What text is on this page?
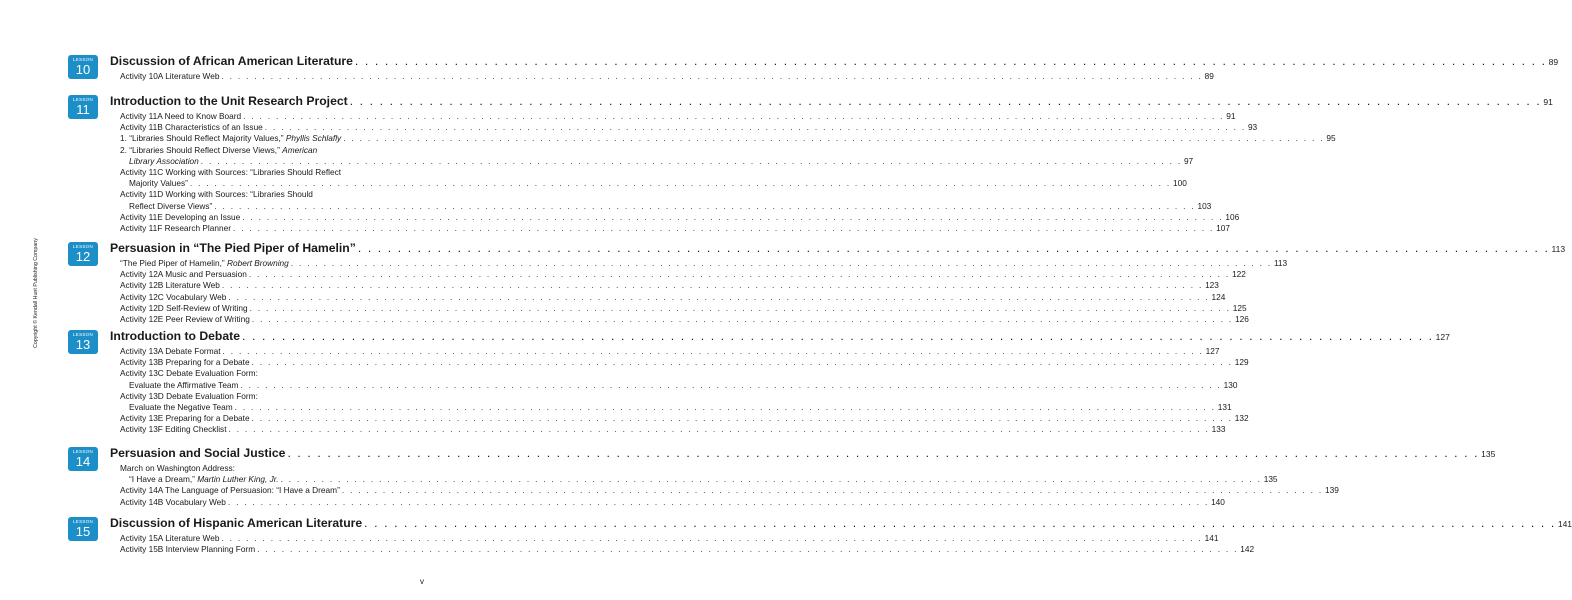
LESSON
10
Discussion of African American Literature . . . . . . . . . . . . . . . . . . . . . . . . . . . . . . . . . . . . . . . . . . . . . . . . . . . . . . . . . . . . . . . . . . . . . . . . . . . . . . . . . . . . . . . . . . . . . . . . . . . . . . . . . . . . . . . . . . . . . . . . 89
Activity 10A Literature Web . . . . . . . . . . . . . . . . . . . . . . . . . . . . . . . . . . . . . . . . . . . . . . . . . . . . . . . . . . . . . . . . . . . . . . . . . . . . . . . . . . . . . . . . . . . . . . . . . . . . . . . . . . . . . . . . . . . . . . . . 89
LESSON
11
Introduction to the Unit Research Project . . . . . . . . . . . . . . . . . . . . . . . . . . . . . . . . . . . . . . . . . . . . . . . . . . . . . . . . . . . . . . . . . . . . . . . . . . . . . . . . . . . . . . . . . . . . . . . . . . . . . . . . . . . . . . . . . . . . . . . . 91
Activity 11A Need to Know Board . . . . . . . . . . . . . . . . . . . . . . . . . . . . . . . . . . . . . . . . . . . . . . . . . . . . . . . . . . . . . . . . . . . . . . . . . . . . . . . . . . . . . . . . . . . . . . . . . . . . . . . . . . . . . . . . . . . . . . . . 91
Activity 11B Characteristics of an Issue . . . . . . . . . . . . . . . . . . . . . . . . . . . . . . . . . . . . . . . . . . . . . . . . . . . . . . . . . . . . . . . . . . . . . . . . . . . . . . . . . . . . . . . . . . . . . . . . . . . . . . . . . . . . . . . . . . . . . . . . 93
1. “Libraries Should Reflect Majority Values,” Phyllis Schlafly . . . . . . . . . . . . . . . . . . . . . . . . . . . . . . . . . . . . . . . . . . . . . . . . . . . . . . . . . . . . . . . . . . . . . . . . . . . . . . . . . . . . . . . . . . . . . . . . . . . . . . . . . . . . . . . . . . . . . . . . 95
2. “Libraries Should Reflect Diverse Views,” American
Library Association . . . . . . . . . . . . . . . . . . . . . . . . . . . . . . . . . . . . . . . . . . . . . . . . . . . . . . . . . . . . . . . . . . . . . . . . . . . . . . . . . . . . . . . . . . . . . . . . . . . . . . . . . . . . . . . . . . . . . . . . 97
Activity 11C Working with Sources: “Libraries Should Reflect
Majority Values” . . . . . . . . . . . . . . . . . . . . . . . . . . . . . . . . . . . . . . . . . . . . . . . . . . . . . . . . . . . . . . . . . . . . . . . . . . . . . . . . . . . . . . . . . . . . . . . . . . . . . . . . . . . . . . . . . . . . . . . . 100
Activity 11D Working with Sources: “Libraries Should
Reflect Diverse Views” . . . . . . . . . . . . . . . . . . . . . . . . . . . . . . . . . . . . . . . . . . . . . . . . . . . . . . . . . . . . . . . . . . . . . . . . . . . . . . . . . . . . . . . . . . . . . . . . . . . . . . . . . . . . . . . . . . . . . . . . 103
Activity 11E Developing an Issue . . . . . . . . . . . . . . . . . . . . . . . . . . . . . . . . . . . . . . . . . . . . . . . . . . . . . . . . . . . . . . . . . . . . . . . . . . . . . . . . . . . . . . . . . . . . . . . . . . . . . . . . . . . . . . . . . . . . . . . . 106
Activity 11F Research Planner . . . . . . . . . . . . . . . . . . . . . . . . . . . . . . . . . . . . . . . . . . . . . . . . . . . . . . . . . . . . . . . . . . . . . . . . . . . . . . . . . . . . . . . . . . . . . . . . . . . . . . . . . . . . . . . . . . . . . . . . 107
LESSON
12
Persuasion in “The Pied Piper of Hamelin” . . . . . . . . . . . . . . . . . . . . . . . . . . . . . . . . . . . . . . . . . . . . . . . . . . . . . . . . . . . . . . . . . . . . . . . . . . . . . . . . . . . . . . . . . . . . . . . . . . . . . . . . . . . . . . . . . . . . . . . . 113
“The Pied Piper of Hamelin,” Robert Browning . . . . . . . . . . . . . . . . . . . . . . . . . . . . . . . . . . . . . . . . . . . . . . . . . . . . . . . . . . . . . . . . . . . . . . . . . . . . . . . . . . . . . . . . . . . . . . . . . . . . . . . . . . . . . . . . . . . . . . . . 113
Activity 12A Music and Persuasion . . . . . . . . . . . . . . . . . . . . . . . . . . . . . . . . . . . . . . . . . . . . . . . . . . . . . . . . . . . . . . . . . . . . . . . . . . . . . . . . . . . . . . . . . . . . . . . . . . . . . . . . . . . . . . . . . . . . . . . . 122
Activity 12B Literature Web . . . . . . . . . . . . . . . . . . . . . . . . . . . . . . . . . . . . . . . . . . . . . . . . . . . . . . . . . . . . . . . . . . . . . . . . . . . . . . . . . . . . . . . . . . . . . . . . . . . . . . . . . . . . . . . . . . . . . . . . 123
Activity 12C Vocabulary Web . . . . . . . . . . . . . . . . . . . . . . . . . . . . . . . . . . . . . . . . . . . . . . . . . . . . . . . . . . . . . . . . . . . . . . . . . . . . . . . . . . . . . . . . . . . . . . . . . . . . . . . . . . . . . . . . . . . . . . . . 124
Activity 12D Self-Review of Writing . . . . . . . . . . . . . . . . . . . . . . . . . . . . . . . . . . . . . . . . . . . . . . . . . . . . . . . . . . . . . . . . . . . . . . . . . . . . . . . . . . . . . . . . . . . . . . . . . . . . . . . . . . . . . . . . . . . . . . . . 125
Activity 12E Peer Review of Writing . . . . . . . . . . . . . . . . . . . . . . . . . . . . . . . . . . . . . . . . . . . . . . . . . . . . . . . . . . . . . . . . . . . . . . . . . . . . . . . . . . . . . . . . . . . . . . . . . . . . . . . . . . . . . . . . . . . . . . . . 126
LESSON
13
Introduction to Debate . . . . . . . . . . . . . . . . . . . . . . . . . . . . . . . . . . . . . . . . . . . . . . . . . . . . . . . . . . . . . . . . . . . . . . . . . . . . . . . . . . . . . . . . . . . . . . . . . . . . . . . . . . . . . . . . . . . . . . . . 127
Activity 13A Debate Format . . . . . . . . . . . . . . . . . . . . . . . . . . . . . . . . . . . . . . . . . . . . . . . . . . . . . . . . . . . . . . . . . . . . . . . . . . . . . . . . . . . . . . . . . . . . . . . . . . . . . . . . . . . . . . . . . . . . . . . . 127
Activity 13B Preparing for a Debate . . . . . . . . . . . . . . . . . . . . . . . . . . . . . . . . . . . . . . . . . . . . . . . . . . . . . . . . . . . . . . . . . . . . . . . . . . . . . . . . . . . . . . . . . . . . . . . . . . . . . . . . . . . . . . . . . . . . . . . . 129
Activity 13C Debate Evaluation Form:
Evaluate the Affirmative Team . . . . . . . . . . . . . . . . . . . . . . . . . . . . . . . . . . . . . . . . . . . . . . . . . . . . . . . . . . . . . . . . . . . . . . . . . . . . . . . . . . . . . . . . . . . . . . . . . . . . . . . . . . . . . . . . . . . . . . . . 130
Activity 13D Debate Evaluation Form:
Evaluate the Negative Team . . . . . . . . . . . . . . . . . . . . . . . . . . . . . . . . . . . . . . . . . . . . . . . . . . . . . . . . . . . . . . . . . . . . . . . . . . . . . . . . . . . . . . . . . . . . . . . . . . . . . . . . . . . . . . . . . . . . . . . . 131
Activity 13E Preparing for a Debate . . . . . . . . . . . . . . . . . . . . . . . . . . . . . . . . . . . . . . . . . . . . . . . . . . . . . . . . . . . . . . . . . . . . . . . . . . . . . . . . . . . . . . . . . . . . . . . . . . . . . . . . . . . . . . . . . . . . . . . . 132
Activity 13F Editing Checklist . . . . . . . . . . . . . . . . . . . . . . . . . . . . . . . . . . . . . . . . . . . . . . . . . . . . . . . . . . . . . . . . . . . . . . . . . . . . . . . . . . . . . . . . . . . . . . . . . . . . . . . . . . . . . . . . . . . . . . . . 133
LESSON
14
Persuasion and Social Justice . . . . . . . . . . . . . . . . . . . . . . . . . . . . . . . . . . . . . . . . . . . . . . . . . . . . . . . . . . . . . . . . . . . . . . . . . . . . . . . . . . . . . . . . . . . . . . . . . . . . . . . . . . . . . . . . . . . . . . . . 135
March on Washington Address:
“I Have a Dream,” Martin Luther King, Jr. . . . . . . . . . . . . . . . . . . . . . . . . . . . . . . . . . . . . . . . . . . . . . . . . . . . . . . . . . . . . . . . . . . . . . . . . . . . . . . . . . . . . . . . . . . . . . . . . . . . . . . . . . . . . . . . . . . . . . . . . 135
Activity 14A The Language of Persuasion: “I Have a Dream” . . . . . . . . . . . . . . . . . . . . . . . . . . . . . . . . . . . . . . . . . . . . . . . . . . . . . . . . . . . . . . . . . . . . . . . . . . . . . . . . . . . . . . . . . . . . . . . . . . . . . . . . . . . . . . . . . . . . . . . . 139
Activity 14B Vocabulary Web . . . . . . . . . . . . . . . . . . . . . . . . . . . . . . . . . . . . . . . . . . . . . . . . . . . . . . . . . . . . . . . . . . . . . . . . . . . . . . . . . . . . . . . . . . . . . . . . . . . . . . . . . . . . . . . . . . . . . . . . 140
LESSON
15
Discussion of Hispanic American Literature . . . . . . . . . . . . . . . . . . . . . . . . . . . . . . . . . . . . . . . . . . . . . . . . . . . . . . . . . . . . . . . . . . . . . . . . . . . . . . . . . . . . . . . . . . . . . . . . . . . . . . . . . . . . . . . . . . . . . . . . 141
Activity 15A Literature Web . . . . . . . . . . . . . . . . . . . . . . . . . . . . . . . . . . . . . . . . . . . . . . . . . . . . . . . . . . . . . . . . . . . . . . . . . . . . . . . . . . . . . . . . . . . . . . . . . . . . . . . . . . . . . . . . . . . . . . . . 141
Activity 15B Interview Planning Form . . . . . . . . . . . . . . . . . . . . . . . . . . . . . . . . . . . . . . . . . . . . . . . . . . . . . . . . . . . . . . . . . . . . . . . . . . . . . . . . . . . . . . . . . . . . . . . . . . . . . . . . . . . . . . . . . . . . . . . . 142
Copyright © Kendall Hunt Publishing Company
v
